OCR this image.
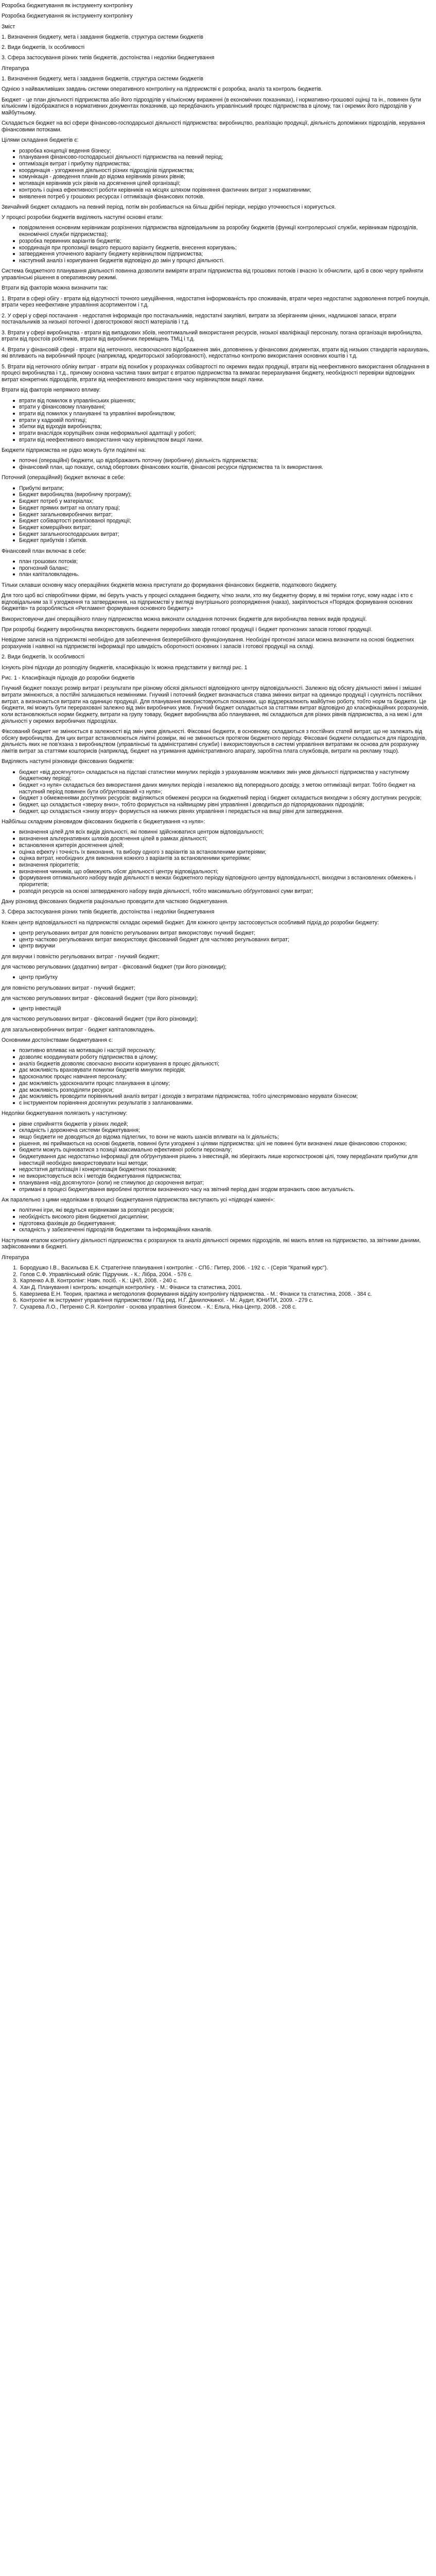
Розробка бюджетування як інструменту контролінгу
Розробка бюджетування як інструменту контролінгу
Зміст
1. Визначення бюджету, мета і завдання бюджетів, структура системи бюджетів
2. Види бюджетів, їх особливості
3. Сфера застосування різних типів бюджетів, достоїнства і недоліки бюджетування
Література
1. Визначення бюджету, мета і завдання бюджетів, структура системи бюджетів
Однією з найважливіших завдань системи оперативного контролінгу на підприємстві є розробка, аналіз та контроль бюджетів.
Бюджет - це план діяльності підприємства або його підрозділів у кількісному вираженні (в економічних показниках), і нормативно-грошової оцінці та ін., повинен бути кількісним і відображатися в нормативних документах показників, що передбачають управлінський процес підприємства в цілому, так і окремих його підрозділів у майбутньому.
Складається бюджет на всі сфери фінансово-господарської діяльності підприємства: виробництво, реалізацію продукції, діяльність допоміжних підрозділів, керування фінансовими потоками.
Цілями складання бюджетів є:
розробка концепції ведення бізнесу;
планування фінансово-господарської діяльності підприємства на певний період;
оптимізація витрат і прибутку підприємства;
координація - узгодження діяльності різних підрозділів підприємства;
комунікація - доведення планів до відома керівників різних рівнів;
мотивація керівників усіх рівнів на досягнення цілей організації;
контроль і оцінка ефективності роботи керівників на місцях шляхом порівняння фактичних витрат з нормативними;
виявлення потреб у грошових ресурсах і оптимізація фінансових потоків.
Звичайний бюджет складають на певний період, потім він розбивається на більш дрібні періоди, нерідко уточнюється і коригується.
У процесі розробки бюджетів виділяють наступні основні етапи:
повідомлення основним керівникам розрізнених підприємства відповідальним за розробку бюджетів (функції контролерської служби, керівникам підрозділів, економічної служби підприємства);
розробка первинних варіантів бюджетів;
координація при пропозиції вищого першого варіанту бюджетів, внесення коригувань;
затвердження уточненого варіанту бюджету керівництвом підприємства;
наступний аналіз і коригування бюджетів відповідно до змін у процесі діяльності.
Система бюджетного планування діяльності повинна дозволити виміряти втрати підприємства від грошових потоків і вчасно їх обчислити, щоб в свою чергу прийняти управлінські рішення в оперативному режимі.
Втрати від факторів можна визначити так:
1. Втрати в сфері обігу - втрати від відсутності точного шеуційнення, недостатня інформованість про споживачів, втрати через недостатнє задоволення потреб покупців, втрати через неефективне управління асортиментом і т.д.
2. У сфері у сфері постачання - недостатня інформація про постачальників, недостатні закупівлі, витрати за зберіганням цінних, надлишкові запаси, втрати постачальників за низької поточної і довгострокової якості матеріалів і т.д.
3. Втрати у сфері виробництва - втрати від випадкових збоїв, неоптимальний використання ресурсів, низької кваліфікації персоналу, погана організація виробництва, втрати від простоїв робітників, втрати від виробничих переміщень ТМЦ і т.д.
4. Втрати у фінансовій сфері - втрати від неточного, несвоєчасного відображення змін, доповненнь у фінансових документах, втрати від низьких стандартів нарахувань, які впливають на виробничий процес (наприклад, кредиторської заборгованості), недостатньо контролю використання основних коштів і т.д.
5. Втрати від неточного обліку витрат - втрати від похибок у розрахунках собівартості по окремих видах продукції, втрати від неефективного використання обладнання в процесі виробництва і т.д., причому основна частина таких витрат є втратою підприємства та вимагає перерахування бюджету, необхідності перевірки відповідних витрат конкретних підрозділів, втрати від неефективного використання часу керівництвом вищої ланки.
Втрати від факторів непрямого впливу:
втрати від помилок в управлінських рішеннях;
втрати у фінансовому плануванні;
втрати від помилок у плануванні та управлінні виробництвом;
втрати у кадровій політиці;
збитки від відходів виробництва;
втрати внаслідок корупційних ознак неформальної адаптації у роботі;
втрати від неефективного використання часу керівництвом вищої ланки.
Бюджети підприємства не рідко можуть бути поділені на:
поточні (операційні) бюджети, що відображають поточну (виробничу) діяльність підприємства;
фінансовий план, що показує, склад обертових фінансових коштів, фінансові ресурси підприємства та їх використання.
Поточний (операційний) бюджет включає в себе:
Прибуткі витрати;
Бюджет виробництва (виробничу програму);
Бюджет потреб у матеріалах;
Бюджет прямих витрат на оплату праці;
Бюджет загальновиробничих витрат;
Бюджет собівартості реалізованої продукції;
Бюджет комерційних витрат;
Бюджет загальногосподарських витрат;
Бюджет прибутків і збитків.
Фінансовий план включає в себе:
план грошових потоків;
прогнозний баланс;
план капіталовкладень.
Тільки склавши основну масу операційних бюджетів можна приступати до формування фінансових бюджетів, податкового бюджету.
Для того щоб всі співробітники фірми, які беруть участь у процесі складання бюджету, чітко знали, хто яку бюджетну форму, в які терміни готує, кому надає і кто є відповідальним за її узгодження та затвердження, на підприємстві у вигляді внутрішнього розпорядження (наказ), закріплюється «Порядок формування основних бюджетів» та розробляється «Регламент формування основного бюджету.»
Використовуючи дані операційного плану підприємства можна виконати складання поточних бюджетів для виробництва певних видів продукції.
При розробці бюджету виробництва використовують бюджети переробних заводів готової продукції і бюджет прогнозних запасів готової продукції.
Невідоме записів на підприємстві необхідно для забезпечення безперебійного функціонування. Необхідні прогнозні запаси можна визначити на основі бюджетних розрахунків і наявної на підприємстві інформації про швидкість оборотності основних і запасів і готової продукції на складі.
2. Види бюджетів, їх особливості
Існують різні підходи до розподілу бюджетів, класифікацію їх можна представити у вигляді рис. 1
Рис. 1 - Класифікація підходів до розробки бюджетів
Гнучкий бюджет показує розмір витрат і результати при різному обсязі діяльності відповідного центру відповідальності. Залежно від обсягу діяльності змінні і змішані витрати змінюються, а постійні залишаються незмінними. Гнучкий і поточний бюджет визначається ставка змінних витрат на одиницю продукції і сукупність постійних витрат, а визначається витрати на одиницю продукції. Для планування використовуються показники, що віддзеркалюють майбутню роботу, тобто норм та бюджети. Це бюджети, які можуть бути перераховані залежно від змін виробничих умов. Гнучкий бюджет складається за статтями витрат відповідно до класифікаційних розрахунків, коли встановлюються норми бюджету, витрати на групу товару, бюджет виробництва або планування, які складаються для різних рівнів підприємства, а на межі і для діяльності у окремих виробничих підрозділах.
Фіксований бюджет не змінюється в залежності від змін умов діяльності. Фіксовані бюджети, в основному, складаються з постійних статей витрат, що не залежать від обсягу виробництва. Для цих витрат встановлюються лімітні розміри, які не змінюються протягом бюджетного періоду. Фіксовані бюджети складаються для підрозділів, діяльність яких не пов'язана з виробництвом (управлінські та адміністративні служби) і використовуються в системі управління витратами як основа для розрахунку лімітів витрат за статтями кошторисів (наприклад, бюджет на утримання адміністративного апарату, заробітна плата службовців, витрати на рекламу тощо).
Виділяють наступні різновиди фіксованих бюджетів:
бюджет «від досягнутого» складається на підставі статистики минулих періодів з урахуванням можливих змін умов діяльності підприємства у наступному бюджетному періоді;
бюджет «з нуля» складається без використання даних минулих періодів і незалежно від попереднього досвіду, з метою оптимізації витрат. Тобто бюджет на наступний період повинен бути обґрунтований «з нуля»;
бюджет з обмеженнями доступних ресурсів: виділяються обмежені ресурси на бюджетний період і бюджет складається виходячи з обсягу доступних ресурсів;
бюджет, що складається «зверху вниз», тобто формується на найвищому рівні управління і доводиться до підпорядкованих підрозділів;
бюджет, що складається «знизу вгору» формується на нижчих рівнях управління і передається на вищі рівні для затвердження.
Найбільш складним різновидом фіксованих бюджетів є бюджетування «з нуля»:
визначення цілей для всіх видів діяльності, які повинні здійснюватися центром відповідальності;
визначення альтернативних шляхів досягнення цілей в рамках діяльності;
встановлення критерія досягнення цілей;
оцінка ефекту і точність їх виконання, та вибору одного з варіантів за встановленими критеріями;
оцінка витрат, необхідних для виконання кожного з варіантів за встановленими критеріями;
визначення пріоритетів;
визначення чинників, що обмежують обсяг діяльності центру відповідальності;
формування оптимального набору видів діяльності в межах бюджетного періоду відповідного центру відповідальності, виходячи з встановлених обмежень і пріоритетів;
розподіл ресурсів на основі затвердженого набору видів діяльності, тобто максимально обґрунтованої суми витрат;
Дану різновид фіксованих бюджетів раціонально проводити для частково бюджетування.
3. Сфера застосування різних типів бюджетів, достоїнства і недоліки бюджетування
Кожен центр відповідальності на підприємстві складає окремий бюджет. Для кожного центру застосовується особливий підхід до розробки бюджету:
центр регульованих витрат для повністю регульованих витрат використовує гнучкий бюджет;
центр частково регульованих витрат використовує фіксований бюджет для частково регульованих витрат;
центр виручки
для виручки і повністю регульованих витрат - гнучкий бюджет;
для частково регульованих (додатних) витрат - фіксований бюджет (три його різновиди);
центр прибутку
для повністю регульованих витрат - гнучкий бюджет;
для частково регульованих витрат - фіксований бюджет (три його різновиди);
центр інвестицій
для частково регульованих витрат - фіксований бюджет (три його різновиди);
для загальновиробничих витрат - бюджет капіталовкладень.
Основними достоїнствами бюджетування є:
позитивно впливає на мотивацію і настрій персоналу;
дозволяє координувати роботу підприємства в цілому;
аналіз бюджетів дозволяє своєчасно вносити коригування в процес діяльності;
дає можливість враховувати помилки бюджетів минулих періодів;
вдосконалює процес навчання персоналу;
дає можливість удосконалити процес планування в цілому;
дає можливість розподіляти ресурси;
дає можливість проводити порівняльний аналіз витрат і доходів з витратами підприємства, тобто цілеспрямовано керувати бізнесом;
є інструментом порівняння досягнутих результатів з запланованими.
Недоліки бюджетування полягають у наступному:
рівне сприйняття бюджетів у різних людей;
складність і дорожнеча системи бюджетування;
якщо бюджети не доводяться до відома підлеглих, то вони не мають шансів впливати на їх діяльність;
рішення, які приймаються на основі бюджетів, повинні бути узгоджені з цілями підприємства: цілі не повинні бути визначені лише фінансовою стороною;
бюджети можуть оцінюватися з позиції максимально ефективної роботи персоналу;
бюджетування дає недостатньо інформації для обґрунтування рішень з інвестицій, які зберігають лише короткострокові цілі, тому передбачати прибутки для інвестицій необхідно використовувати інші методи;
недостатня деталізація і конкретизація бюджетних показників;
не використовується всіх і методів бюджетування підприємства;
планування «від досягнутого» (коли) не стимулює до скорочення витрат;
отримані в процесі бюджетування вироблені протягом визначеного часу на звітний період дані згодом втрачають свою актуальність.
Аж паралельно з цими недоліками в процесі бюджетування підприємства виступають усі «підводні камені»:
політичні ігри, які ведуться керівниками за розподіл ресурсів;
необхідність високого рівня бюджетної дисципліни;
підготовка фахівців до бюджетування;
складність у забезпеченні підрозділів бюджетами та інформаційних каналів.
Наступним етапом контролінгу діяльності підприємства є розрахунок та аналіз діяльності окремих підрозділів, які мають вплив на підприємство, за звітними даними, зафіксованими в бюджеті.
Література
1. Бородушко І.В., Васильєва Е.К. Стратегічне планування і контролінг. - СПб.: Питер, 2006. - 192 с. - (Серія "Краткий курс").
2. Голов С.Ф. Управлінський облік: Підручник. - К.: Лібра, 2004. - 576 с.
3. Карпенко А.В. Контролінг: Навч. посіб. - К.: ЦНЛ, 2008. - 240 с.
4. Хан Д. Планування і контроль: концепція контролінгу. - М.: Фінанси та статистика, 2001.
5. Каверзиева Е.Н. Теория, практика и методология формування відділу контролінгу підприємства. - М.: Фінанси та статистика, 2008. - 384 с.
6. Контролінг як інструмент управління підприємством / Під ред. Н.Г. Данилочкиної. - М.: Аудит, ЮНИТИ, 2009. - 279 с.
7. Сухарева Л.О., Петренко С.Я. Контролінг - основа управління бізнесом. - К.: Ельга, Ніка-Центр, 2008. - 208 с.
